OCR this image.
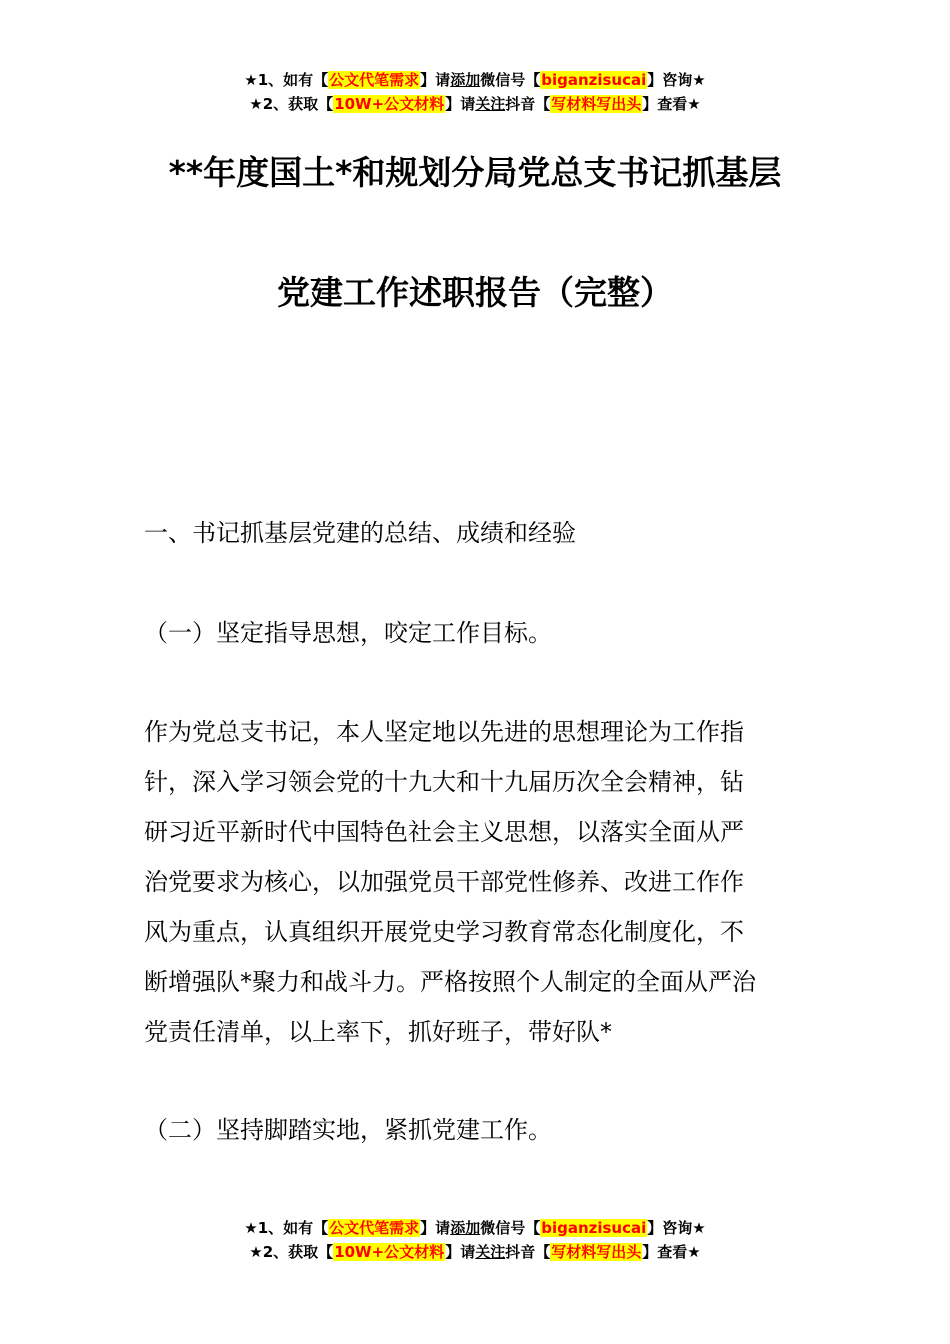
★1、如有【公文代笔需求】请添加微信号【biganzisucai】咨询★
★2、获取【10W+公文材料】请关注抖音【写材料写出头】查看★
**年度国土*和规划分局党总支书记抓基层
党建工作述职报告（完整）
一、书记抓基层党建的总结、成绩和经验
（一）坚定指导思想，咬定工作目标。
作为党总支书记，本人坚定地以先进的思想理论为工作指
针，深入学习领会党的十九大和十九届历次全会精神，钻
研习近平新时代中国特色社会主义思想，以落实全面从严
治党要求为核心，以加强党员干部党性修养、改进工作作
风为重点，认真组织开展党史学习教育常态化制度化，不
断增强队*聚力和战斗力。严格按照个人制定的全面从严治
党责任清单，以上率下，抓好班子，带好队*
（二）坚持脚踏实地，紧抓党建工作。
★1、如有【公文代笔需求】请添加微信号【biganzisucai】咨询★
★2、获取【10W+公文材料】请关注抖音【写材料写出头】查看★
